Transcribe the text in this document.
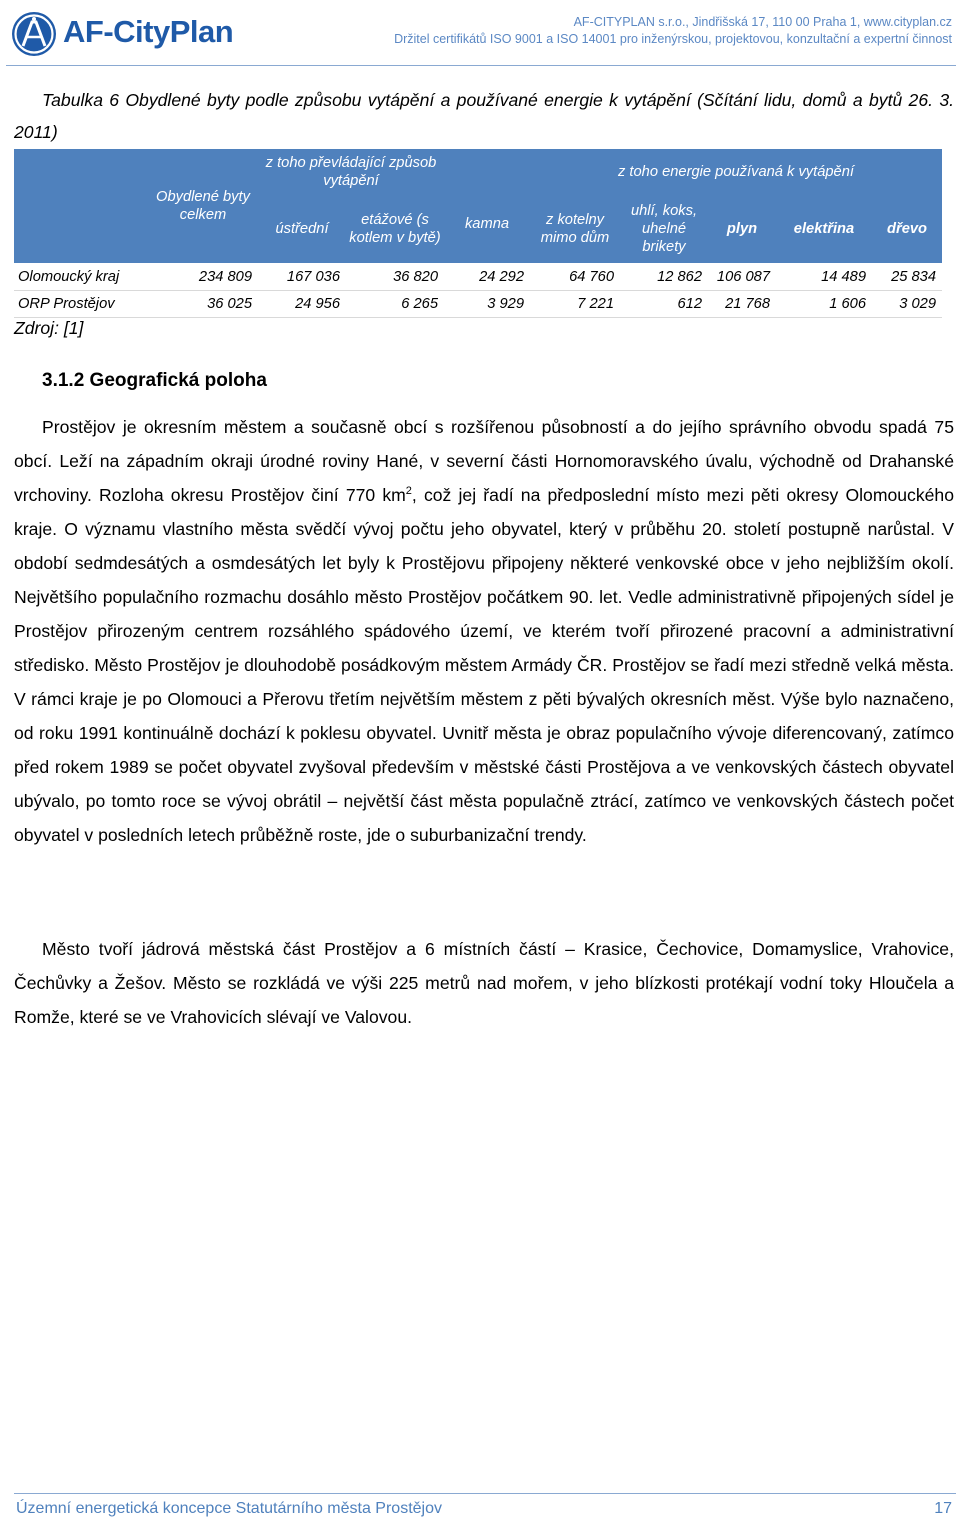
AF-CityPlan	AF-CITYPLAN s.r.o., Jindřišská 17, 110 00 Praha 1, www.cityplan.cz
Držitel certifikátů ISO 9001 a ISO 14001 pro inženýrskou, projektovou, konzultační a expertní činnost
Tabulka 6 Obydlené byty podle způsobu vytápění a používané energie k vytápění (Sčítání lidu, domů a bytů 26. 3. 2011)
	Obydlené byty celkem	z toho převládající způsob vytápění		kamna	z toho energie používaná k vytápění				
		ústřední	etážové (s kotlem v bytě)		z kotelny mimo dům	uhlí, koks, uhelné brikety	plyn	elektřina	dřevo
Olomoucký kraj	234 809	167 036	36 820	24 292	64 760	12 862	106 087	14 489	25 834
ORP Prostějov	36 025	24 956	6 265	3 929	7 221	612	21 768	1 606	3 029
Zdroj: [1]
3.1.2 Geografická poloha
Prostějov je okresním městem a současně obcí s rozšířenou působností a do jejího správního obvodu spadá 75 obcí. Leží na západním okraji úrodné roviny Hané, v severní části Hornomoravského úvalu, východně od Drahanské vrchoviny. Rozloha okresu Prostějov činí 770 $km^2$, což jej řadí na předposlední místo mezi pěti okresy Olomouckého kraje. O významu vlastního města svědčí vývoj počtu jeho obyvatel, který v průběhu 20. století postupně narůstal. V období sedmdesátých a osmdesátých let byly k Prostějovu připojeny některé venkovské obce v jeho nejbližším okolí. Největšího populačního rozmachu dosáhlo město Prostějov počátkem 90. let. Vedle administrativně připojených sídel je Prostějov přirozeným centrem rozsáhlého spádového území, ve kterém tvoří přirozené pracovní a administrativní středisko. Město Prostějov je dlouhodobě posádkovým městem Armády ČR. Prostějov se řadí mezi středně velká města. V rámci kraje je po Olomouci a Přerovu třetím největším městem z pěti bývalých okresních měst. Výše bylo naznačeno, od roku 1991 kontinuálně dochází k poklesu obyvatel. Uvnitř města je obraz populačního vývoje diferencovaný, zatímco před rokem 1989 se počet obyvatel zvyšoval především v městské části Prostějova a ve venkovských částech obyvatel ubývalo, po tomto roce se vývoj obrátil – největší část města populačně ztrácí, zatímco ve venkovských částech počet obyvatel v posledních letech průběžně roste, jde o suburbanizační trendy.
Město tvoří jádrová městská část Prostějov a 6 místních částí – Krasice, Čechovice, Domamyslice, Vrahovice, Čechůvky a Žešov. Město se rozkládá ve výši 225 metrů nad mořem, v jeho blízkosti protékají vodní toky Hloučela a Romže, které se ve Vrahovicích slévají ve Valovou.
Územní energetická koncepce Statutárního města Prostějov	17
